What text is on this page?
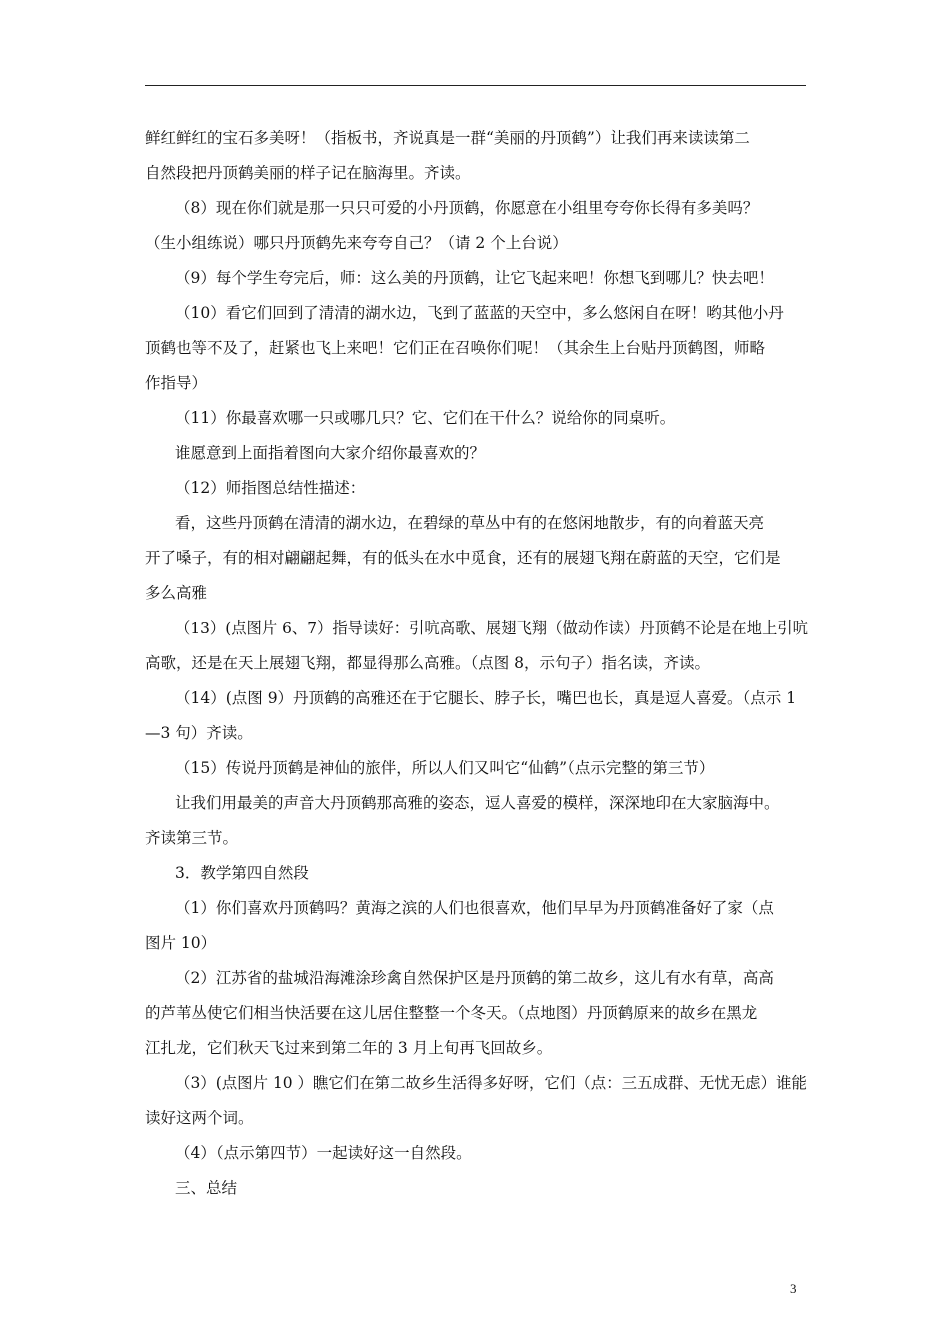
鲜红鲜红的宝石多美呀！（指板书，齐说真是一群“美丽的丹顶鹤”）让我们再来读读第二
自然段把丹顶鹤美丽的样子记在脑海里。齐读。
（8）现在你们就是那一只只可爱的小丹顶鹤，你愿意在小组里夸夸你长得有多美吗？
（生小组练说）哪只丹顶鹤先来夸夸自己？（请 2 个上台说）
（9）每个学生夸完后，师：这么美的丹顶鹤，让它飞起来吧！你想飞到哪儿？快去吧！
（10）看它们回到了清清的湖水边，飞到了蓝蓝的天空中，多么悠闲自在呀！哟其他小丹
顶鹤也等不及了，赶紧也飞上来吧！它们正在召唤你们呢！（其余生上台贴丹顶鹤图，师略
作指导）
（11）你最喜欢哪一只或哪几只？它、它们在干什么？说给你的同桌听。
谁愿意到上面指着图向大家介绍你最喜欢的？
（12）师指图总结性描述：
看，这些丹顶鹤在清清的湖水边，在碧绿的草丛中有的在悠闲地散步，有的向着蓝天亮
开了嗓子，有的相对翩翩起舞，有的低头在水中觅食，还有的展翅飞翔在蔚蓝的天空，它们是
多么高雅
（13）(点图片 6、7）指导读好：引吭高歌、展翅飞翔（做动作读）丹顶鹤不论是在地上引吭
高歌，还是在天上展翅飞翔，都显得那么高雅。（点图 8，示句子）指名读，齐读。
（14）(点图 9）丹顶鹤的高雅还在于它腿长、脖子长，嘴巴也长，真是逗人喜爱。（点示 1
—3 句）齐读。
（15）传说丹顶鹤是神仙的旅伴，所以人们又叫它“仙鹤”（点示完整的第三节）
让我们用最美的声音大丹顶鹤那高雅的姿态，逗人喜爱的模样，深深地印在大家脑海中。
齐读第三节。
3．教学第四自然段
（1）你们喜欢丹顶鹤吗？黄海之滨的人们也很喜欢，他们早早为丹顶鹤准备好了家（点
图片 10）
（2）江苏省的盐城沿海滩涂珍禽自然保护区是丹顶鹤的第二故乡，这儿有水有草，高高
的芦苇丛使它们相当快活要在这儿居住整整一个冬天。（点地图）丹顶鹤原来的故乡在黑龙
江扎龙，它们秋天飞过来到第二年的 3 月上旬再飞回故乡。
（3）(点图片 10 ）瞧它们在第二故乡生活得多好呀，它们（点：三五成群、无忧无虑）谁能
读好这两个词。
（4）（点示第四节）一起读好这一自然段。
三、总结
3
